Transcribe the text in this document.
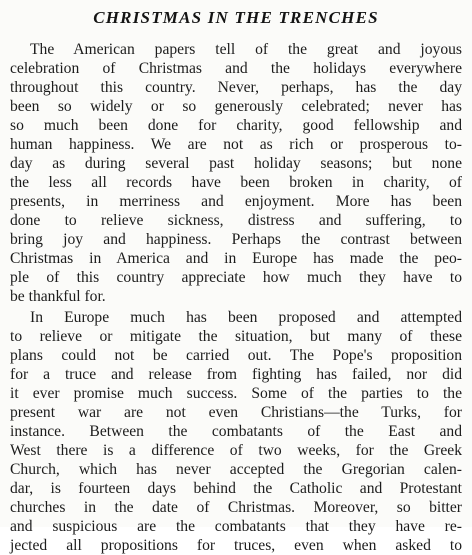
CHRISTMAS IN THE TRENCHES
The American papers tell of the great and joyous
celebration of Christmas and the holidays everywhere
throughout this country. Never, perhaps, has the day
been so widely or so generously celebrated; never has
so much been done for charity, good fellowship and
human happiness. We are not as rich or prosperous to-
day as during several past holiday seasons; but none
the less all records have been broken in charity, of
presents, in merriness and enjoyment. More has been
done to relieve sickness, distress and suffering, to
bring joy and happiness. Perhaps the contrast between
Christmas in America and in Europe has made the peo-
ple of this country appreciate how much they have to
be thankful for.
In Europe much has been proposed and attempted
to relieve or mitigate the situation, but many of these
plans could not be carried out. The Pope's proposition
for a truce and release from fighting has failed, nor did
it ever promise much success. Some of the parties to the
present war are not even Christians—the Turks, for
instance. Between the combatants of the East and
West there is a difference of two weeks, for the Greek
Church, which has never accepted the Gregorian calen-
dar, is fourteen days behind the Catholic and Protestant
churches in the date of Christmas. Moreover, so bitter
and suspicious are the combatants that they have re-
jected all propositions for truces, even when asked to
